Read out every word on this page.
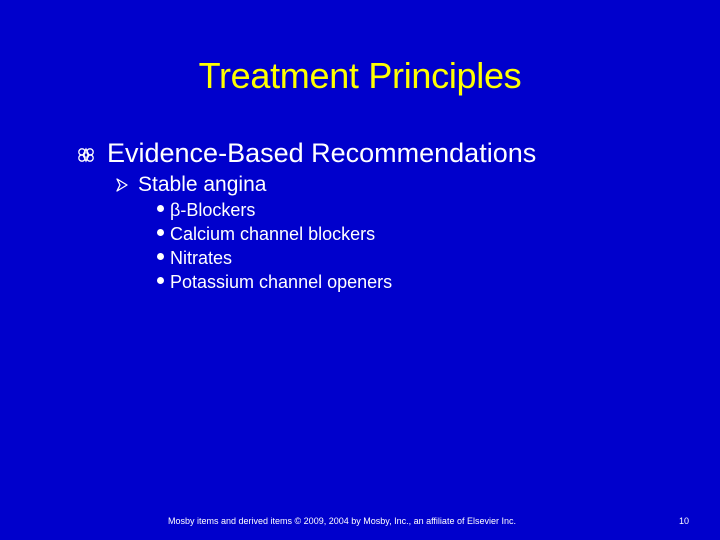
Treatment Principles
Evidence-Based Recommendations
Stable angina
β-Blockers
Calcium channel blockers
Nitrates
Potassium channel openers
Mosby items and derived items © 2009, 2004 by Mosby, Inc., an affiliate of Elsevier Inc.	10
